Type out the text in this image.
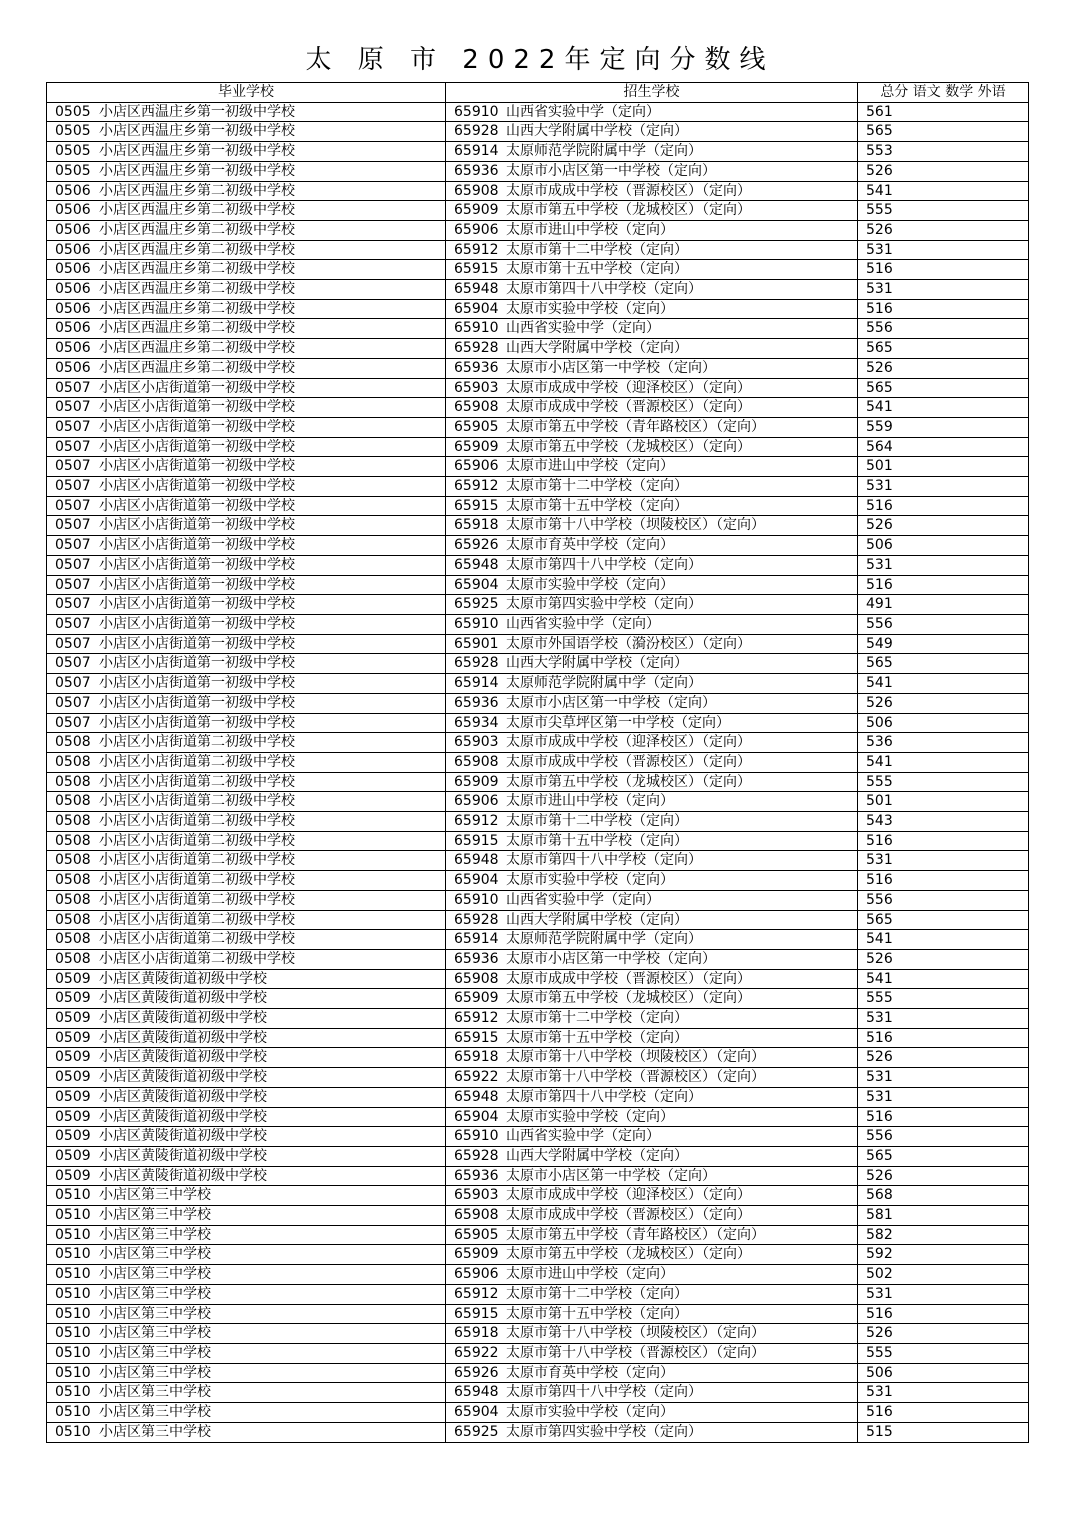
太 原 市 2022年定向分数线
毕业学校	招生学校	总分 语文 数学 外语
0505 小店区西温庄乡第一初级中学校	65910 山西省实验中学（定向）	561
0505 小店区西温庄乡第一初级中学校	65928 山西大学附属中学校（定向）	565
0505 小店区西温庄乡第一初级中学校	65914 太原师范学院附属中学（定向）	553
0505 小店区西温庄乡第一初级中学校	65936 太原市小店区第一中学校（定向）	526
0506 小店区西温庄乡第二初级中学校	65908 太原市成成中学校（晋源校区）（定向）	541
0506 小店区西温庄乡第二初级中学校	65909 太原市第五中学校（龙城校区）（定向）	555
0506 小店区西温庄乡第二初级中学校	65906 太原市进山中学校（定向）	526
0506 小店区西温庄乡第二初级中学校	65912 太原市第十二中学校（定向）	531
0506 小店区西温庄乡第二初级中学校	65915 太原市第十五中学校（定向）	516
0506 小店区西温庄乡第二初级中学校	65948 太原市第四十八中学校（定向）	531
0506 小店区西温庄乡第二初级中学校	65904 太原市实验中学校（定向）	516
0506 小店区西温庄乡第二初级中学校	65910 山西省实验中学（定向）	556
0506 小店区西温庄乡第二初级中学校	65928 山西大学附属中学校（定向）	565
0506 小店区西温庄乡第二初级中学校	65936 太原市小店区第一中学校（定向）	526
0507 小店区小店街道第一初级中学校	65903 太原市成成中学校（迎泽校区）（定向）	565
0507 小店区小店街道第一初级中学校	65908 太原市成成中学校（晋源校区）（定向）	541
0507 小店区小店街道第一初级中学校	65905 太原市第五中学校（青年路校区）（定向）	559
0507 小店区小店街道第一初级中学校	65909 太原市第五中学校（龙城校区）（定向）	564
0507 小店区小店街道第一初级中学校	65906 太原市进山中学校（定向）	501
0507 小店区小店街道第一初级中学校	65912 太原市第十二中学校（定向）	531
0507 小店区小店街道第一初级中学校	65915 太原市第十五中学校（定向）	516
0507 小店区小店街道第一初级中学校	65918 太原市第十八中学校（坝陵校区）（定向）	526
0507 小店区小店街道第一初级中学校	65926 太原市育英中学校（定向）	506
0507 小店区小店街道第一初级中学校	65948 太原市第四十八中学校（定向）	531
0507 小店区小店街道第一初级中学校	65904 太原市实验中学校（定向）	516
0507 小店区小店街道第一初级中学校	65925 太原市第四实验中学校（定向）	491
0507 小店区小店街道第一初级中学校	65910 山西省实验中学（定向）	556
0507 小店区小店街道第一初级中学校	65901 太原市外国语学校（漪汾校区）（定向）	549
0507 小店区小店街道第一初级中学校	65928 山西大学附属中学校（定向）	565
0507 小店区小店街道第一初级中学校	65914 太原师范学院附属中学（定向）	541
0507 小店区小店街道第一初级中学校	65936 太原市小店区第一中学校（定向）	526
0507 小店区小店街道第一初级中学校	65934 太原市尖草坪区第一中学校（定向）	506
0508 小店区小店街道第二初级中学校	65903 太原市成成中学校（迎泽校区）（定向）	536
0508 小店区小店街道第二初级中学校	65908 太原市成成中学校（晋源校区）（定向）	541
0508 小店区小店街道第二初级中学校	65909 太原市第五中学校（龙城校区）（定向）	555
0508 小店区小店街道第二初级中学校	65906 太原市进山中学校（定向）	501
0508 小店区小店街道第二初级中学校	65912 太原市第十二中学校（定向）	543
0508 小店区小店街道第二初级中学校	65915 太原市第十五中学校（定向）	516
0508 小店区小店街道第二初级中学校	65948 太原市第四十八中学校（定向）	531
0508 小店区小店街道第二初级中学校	65904 太原市实验中学校（定向）	516
0508 小店区小店街道第二初级中学校	65910 山西省实验中学（定向）	556
0508 小店区小店街道第二初级中学校	65928 山西大学附属中学校（定向）	565
0508 小店区小店街道第二初级中学校	65914 太原师范学院附属中学（定向）	541
0508 小店区小店街道第二初级中学校	65936 太原市小店区第一中学校（定向）	526
0509 小店区黄陵街道初级中学校	65908 太原市成成中学校（晋源校区）（定向）	541
0509 小店区黄陵街道初级中学校	65909 太原市第五中学校（龙城校区）（定向）	555
0509 小店区黄陵街道初级中学校	65912 太原市第十二中学校（定向）	531
0509 小店区黄陵街道初级中学校	65915 太原市第十五中学校（定向）	516
0509 小店区黄陵街道初级中学校	65918 太原市第十八中学校（坝陵校区）（定向）	526
0509 小店区黄陵街道初级中学校	65922 太原市第十八中学校（晋源校区）（定向）	531
0509 小店区黄陵街道初级中学校	65948 太原市第四十八中学校（定向）	531
0509 小店区黄陵街道初级中学校	65904 太原市实验中学校（定向）	516
0509 小店区黄陵街道初级中学校	65910 山西省实验中学（定向）	556
0509 小店区黄陵街道初级中学校	65928 山西大学附属中学校（定向）	565
0509 小店区黄陵街道初级中学校	65936 太原市小店区第一中学校（定向）	526
0510 小店区第三中学校	65903 太原市成成中学校（迎泽校区）（定向）	568
0510 小店区第三中学校	65908 太原市成成中学校（晋源校区）（定向）	581
0510 小店区第三中学校	65905 太原市第五中学校（青年路校区）（定向）	582
0510 小店区第三中学校	65909 太原市第五中学校（龙城校区）（定向）	592
0510 小店区第三中学校	65906 太原市进山中学校（定向）	502
0510 小店区第三中学校	65912 太原市第十二中学校（定向）	531
0510 小店区第三中学校	65915 太原市第十五中学校（定向）	516
0510 小店区第三中学校	65918 太原市第十八中学校（坝陵校区）（定向）	526
0510 小店区第三中学校	65922 太原市第十八中学校（晋源校区）（定向）	555
0510 小店区第三中学校	65926 太原市育英中学校（定向）	506
0510 小店区第三中学校	65948 太原市第四十八中学校（定向）	531
0510 小店区第三中学校	65904 太原市实验中学校（定向）	516
0510 小店区第三中学校	65925 太原市第四实验中学校（定向）	515
